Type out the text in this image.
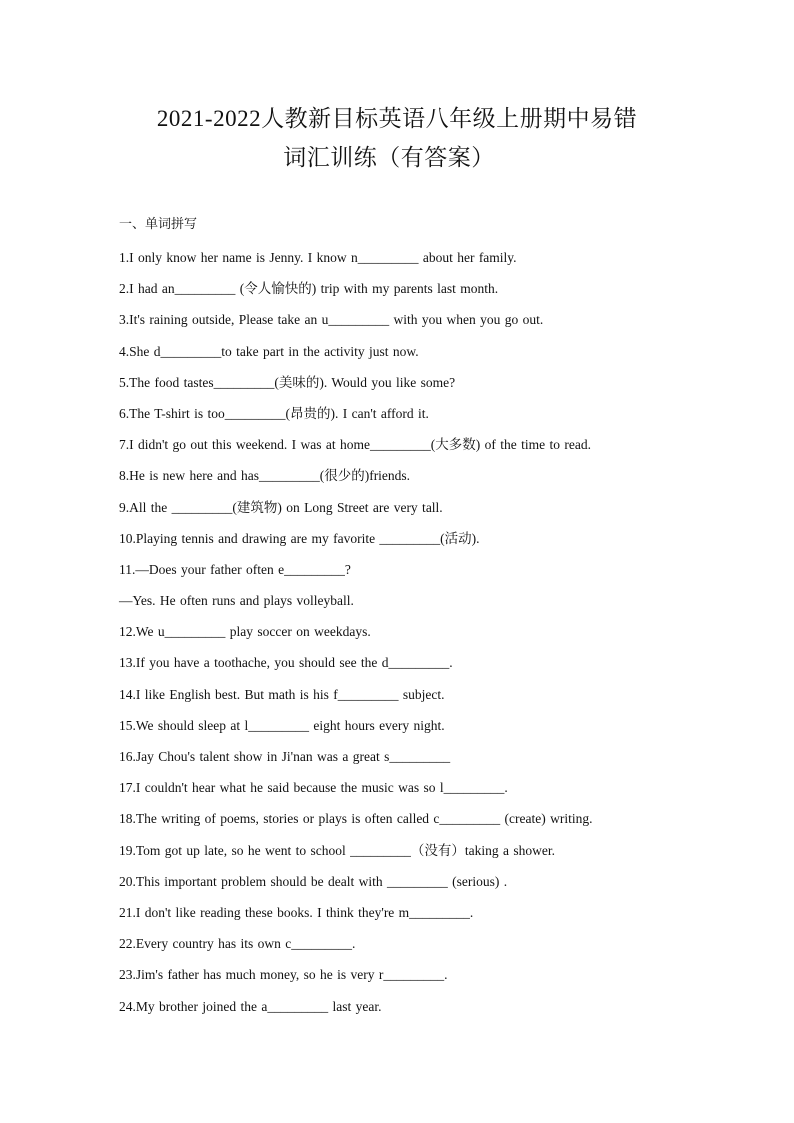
2021-2022人教新目标英语八年级上册期中易错
词汇训练（有答案）
一、单词拼写
1.I only know her name is Jenny. I know n_________ about her family.
2.I had an_________ (令人愉快的) trip with my parents last month.
3.It's raining outside, Please take an u_________ with you when you go out.
4.She d_________to take part in the activity just now.
5.The food tastes_________(美味的). Would you like some?
6.The T-shirt is too_________(昂贵的). I can't afford it.
7.I didn't go out this weekend. I was at home_________(大多数) of the time to read.
8.He is new here and has_________(很少的)friends.
9.All the _________(建筑物) on Long Street are very tall.
10.Playing tennis and drawing are my favorite _________(活动).
11.—Does your father often e_________?
—Yes. He often runs and plays volleyball.
12.We u_________ play soccer on weekdays.
13.If you have a toothache, you should see the d_________.
14.I like English best. But math is his f_________ subject.
15.We should sleep at l_________ eight hours every night.
16.Jay Chou's talent show in Ji'nan was a great s_________
17.I couldn't hear what he said because the music was so l_________.
18.The writing of poems, stories or plays is often called c_________ (create) writing.
19.Tom got up late, so he went to school _________（没有）taking a shower.
20.This important problem should be dealt with _________ (serious) .
21.I don't like reading these books. I think they're m_________.
22.Every country has its own c_________.
23.Jim's father has much money, so he is very r_________.
24.My brother joined the a_________ last year.
